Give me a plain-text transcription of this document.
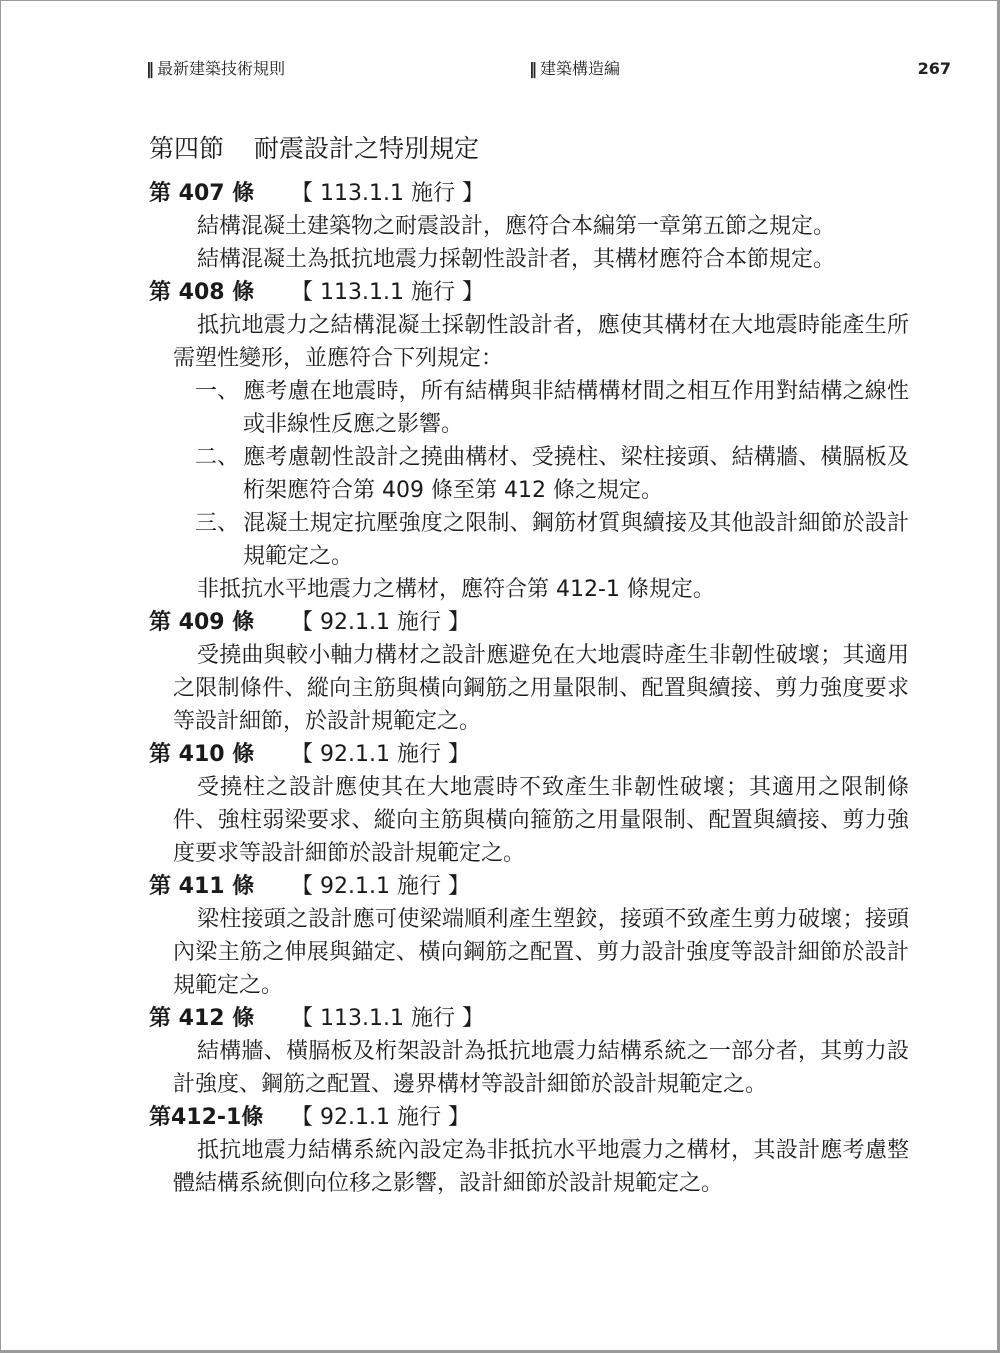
‖ 最新建築技術規則	‖ 建築構造編	267
第四節 耐震設計之特別規定
第 407 條 【 113.1.1 施行 】
結構混凝土建築物之耐震設計，應符合本編第一章第五節之規定。
結構混凝土為抵抗地震力採韌性設計者，其構材應符合本節規定。
第 408 條 【 113.1.1 施行 】
抵抗地震力之結構混凝土採韌性設計者，應使其構材在大地震時能產生所需塑性變形，並應符合下列規定：
一、 應考慮在地震時，所有結構與非結構構材間之相互作用對結構之線性或非線性反應之影響。
二、 應考慮韌性設計之撓曲構材、受撓柱、梁柱接頭、結構牆、橫膈板及桁架應符合第 409 條至第 412 條之規定。
三、 混凝土規定抗壓強度之限制、鋼筋材質與續接及其他設計細節於設計規範定之。
非抵抗水平地震力之構材，應符合第 412-1 條規定。
第 409 條 【 92.1.1 施行 】
受撓曲與較小軸力構材之設計應避免在大地震時產生非韌性破壞；其適用之限制條件、縱向主筋與橫向鋼筋之用量限制、配置與續接、剪力強度要求等設計細節，於設計規範定之。
第 410 條 【 92.1.1 施行 】
受撓柱之設計應使其在大地震時不致產生非韌性破壞；其適用之限制條件、強柱弱梁要求、縱向主筋與橫向箍筋之用量限制、配置與續接、剪力強度要求等設計細節於設計規範定之。
第 411 條 【 92.1.1 施行 】
梁柱接頭之設計應可使梁端順利產生塑鉸，接頭不致產生剪力破壞；接頭內梁主筋之伸展與錨定、橫向鋼筋之配置、剪力設計強度等設計細節於設計規範定之。
第 412 條 【 113.1.1 施行 】
結構牆、橫膈板及桁架設計為抵抗地震力結構系統之一部分者，其剪力設計強度、鋼筋之配置、邊界構材等設計細節於設計規範定之。
第412-1條 【 92.1.1 施行 】
抵抗地震力結構系統內設定為非抵抗水平地震力之構材，其設計應考慮整體結構系統側向位移之影響，設計細節於設計規範定之。
